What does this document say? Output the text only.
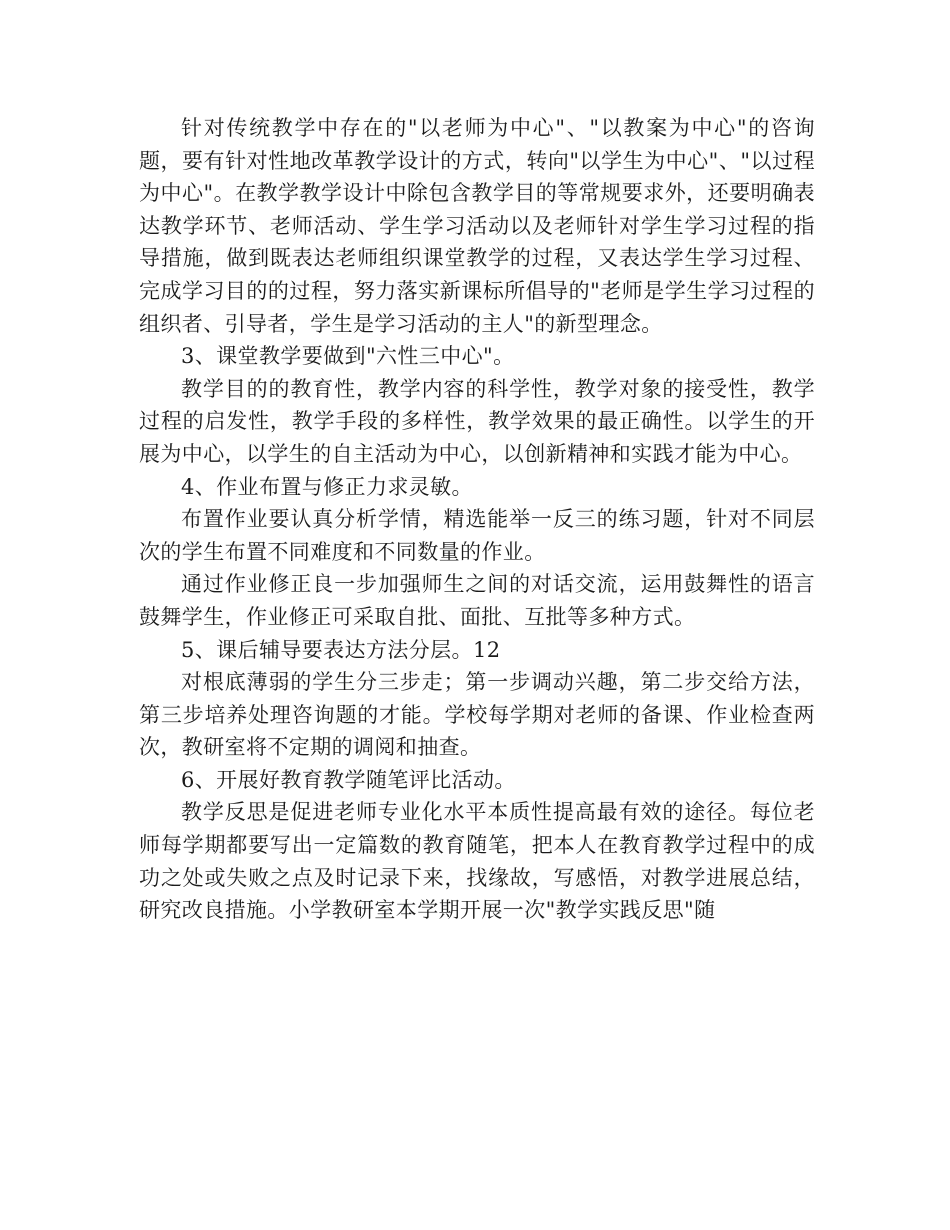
针对传统教学中存在的"以老师为中心"、"以教案为中心"的咨询题，要有针对性地改革教学设计的方式，转向"以学生为中心"、"以过程为中心"。在教学教学设计中除包含教学目的等常规要求外，还要明确表达教学环节、老师活动、学生学习活动以及老师针对学生学习过程的指导措施，做到既表达老师组织课堂教学的过程，又表达学生学习过程、完成学习目的的过程，努力落实新课标所倡导的"老师是学生学习过程的组织者、引导者，学生是学习活动的主人"的新型理念。

3、课堂教学要做到"六性三中心"。

教学目的的教育性，教学内容的科学性，教学对象的接受性，教学过程的启发性，教学手段的多样性，教学效果的最正确性。以学生的开展为中心，以学生的自主活动为中心，以创新精神和实践才能为中心。

4、作业布置与修正力求灵敏。

布置作业要认真分析学情，精选能举一反三的练习题，针对不同层次的学生布置不同难度和不同数量的作业。

通过作业修正良一步加强师生之间的对话交流，运用鼓舞性的语言鼓舞学生，作业修正可采取自批、面批、互批等多种方式。

5、课后辅导要表达方法分层。12

对根底薄弱的学生分三步走；第一步调动兴趣，第二步交给方法，第三步培养处理咨询题的才能。学校每学期对老师的备课、作业检查两次，教研室将不定期的调阅和抽查。

6、开展好教育教学随笔评比活动。

教学反思是促进老师专业化水平本质性提高最有效的途径。每位老师每学期都要写出一定篇数的教育随笔，把本人在教育教学过程中的成功之处或失败之点及时记录下来，找缘故，写感悟，对教学进展总结，研究改良措施。小学教研室本学期开展一次"教学实践反思"随
